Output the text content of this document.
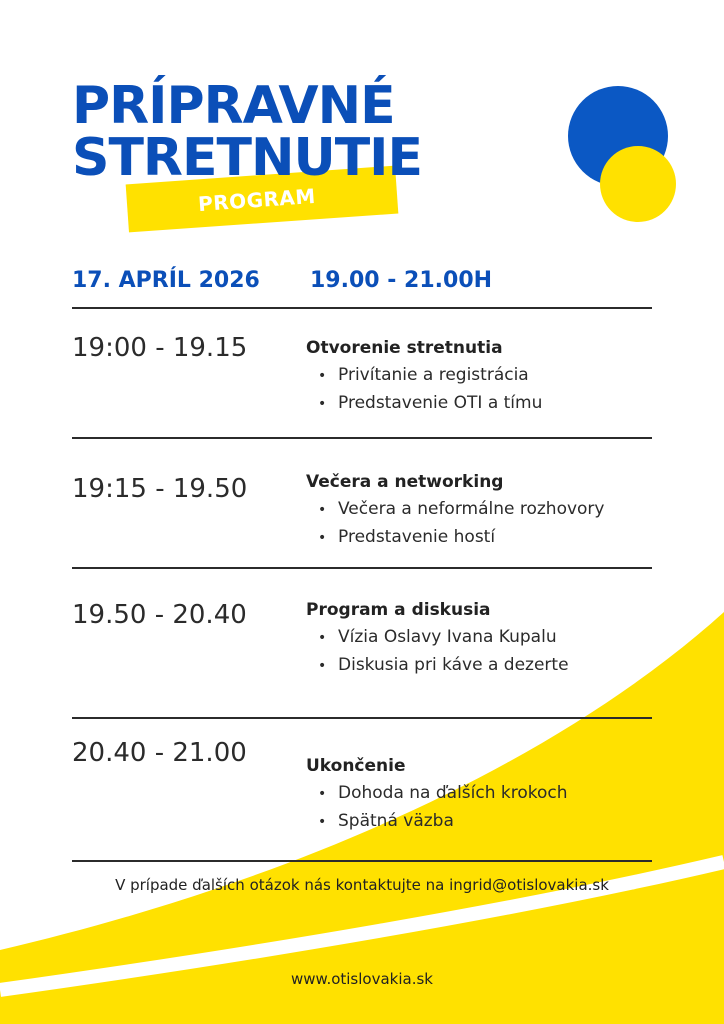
PRÍPRAVNÉ
STRETNUTIE
PROGRAM
17. APRÍL 2026 19.00 - 21.00H
19:00 - 19.15	Otvorenie stretnutia
• Privítanie a registrácia
• Predstavenie OTI a tímu
19:15 - 19.50	Večera a networking
• Večera a neformálne rozhovory
• Predstavenie hostí
19.50 - 20.40	Program a diskusia
• Vízia Oslavy Ivana Kupalu
• Diskusia pri káve a dezerte
20.40 - 21.00	Ukončenie
• Dohoda na ďalších krokoch
• Spätná väzba
V prípade ďalších otázok nás kontaktujte na ingrid@otislovakia.sk
www.otislovakia.sk
